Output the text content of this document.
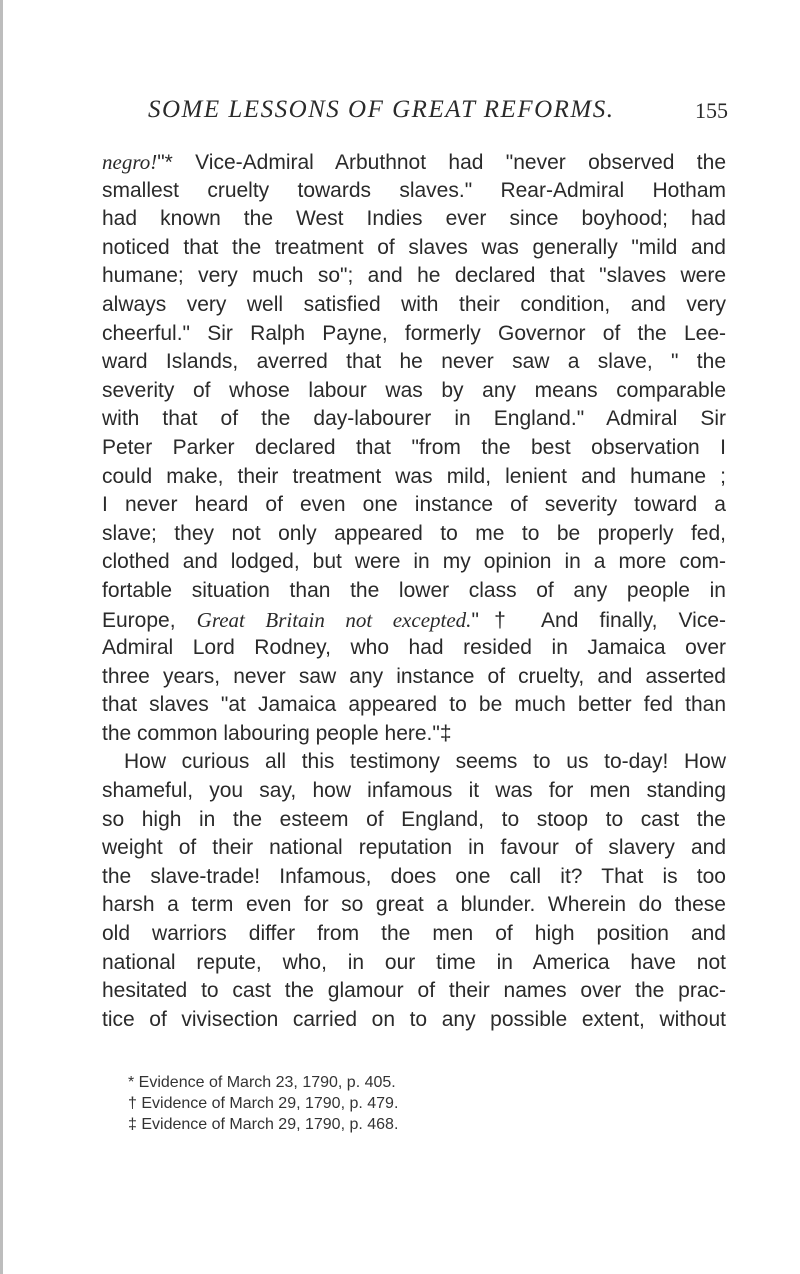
SOME LESSONS OF GREAT REFORMS.	155
negro!"* Vice-Admiral Arbuthnot had "never observed the
smallest cruelty towards slaves." Rear-Admiral Hotham
had known the West Indies ever since boyhood; had
noticed that the treatment of slaves was generally "mild and
humane; very much so"; and he declared that "slaves were
always very well satisfied with their condition, and very
cheerful." Sir Ralph Payne, formerly Governor of the Lee-
ward Islands, averred that he never saw a slave, " the
severity of whose labour was by any means comparable
with that of the day-labourer in England." Admiral Sir
Peter Parker declared that "from the best observation I
could make, their treatment was mild, lenient and humane ;
I never heard of even one instance of severity toward a
slave; they not only appeared to me to be properly fed,
clothed and lodged, but were in my opinion in a more com-
fortable situation than the lower class of any people in
Europe, Great Britain not excepted."† And finally, Vice-
Admiral Lord Rodney, who had resided in Jamaica over
three years, never saw any instance of cruelty, and asserted
that slaves "at Jamaica appeared to be much better fed than
the common labouring people here."‡
How curious all this testimony seems to us to-day! How
shameful, you say, how infamous it was for men standing
so high in the esteem of England, to stoop to cast the
weight of their national reputation in favour of slavery and
the slave-trade! Infamous, does one call it? That is too
harsh a term even for so great a blunder. Wherein do these
old warriors differ from the men of high position and
national repute, who, in our time in America have not
hesitated to cast the glamour of their names over the prac-
tice of vivisection carried on to any possible extent, without
* Evidence of March 23, 1790, p. 405.
† Evidence of March 29, 1790, p. 479.
‡ Evidence of March 29, 1790, p. 468.
